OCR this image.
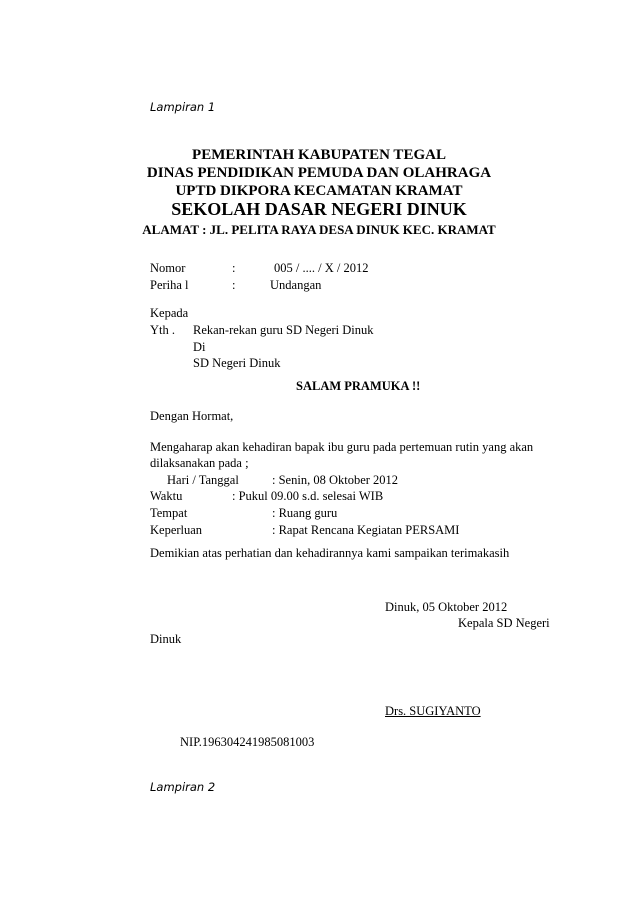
Lampiran 1
PEMERINTAH KABUPATEN TEGAL
DINAS PENDIDIKAN PEMUDA DAN OLAHRAGA
UPTD DIKPORA KECAMATAN KRAMAT
SEKOLAH DASAR NEGERI DINUK
ALAMAT : JL. PELITA RAYA DESA DINUK KEC. KRAMAT
Nomor	:	005 / .... / X / 2012
Periha l	:	Undangan
Kepada
Yth . Rekan-rekan guru SD Negeri Dinuk
Di
SD Negeri Dinuk
SALAM PRAMUKA !!
Dengan Hormat,
Mengaharap akan kehadiran bapak ibu guru pada pertemuan rutin yang akan
dilaksanakan pada ;
Hari / Tanggal	: Senin, 08 Oktober 2012
Waktu	: Pukul 09.00 s.d. selesai WIB
Tempat	: Ruang guru
Keperluan	: Rapat Rencana Kegiatan PERSAMI
Demikian atas perhatian dan kehadirannya kami sampaikan terimakasih
Dinuk, 05 Oktober 2012
Kepala SD Negeri
Dinuk
Drs. SUGIYANTO
NIP.196304241985081003
Lampiran 2
